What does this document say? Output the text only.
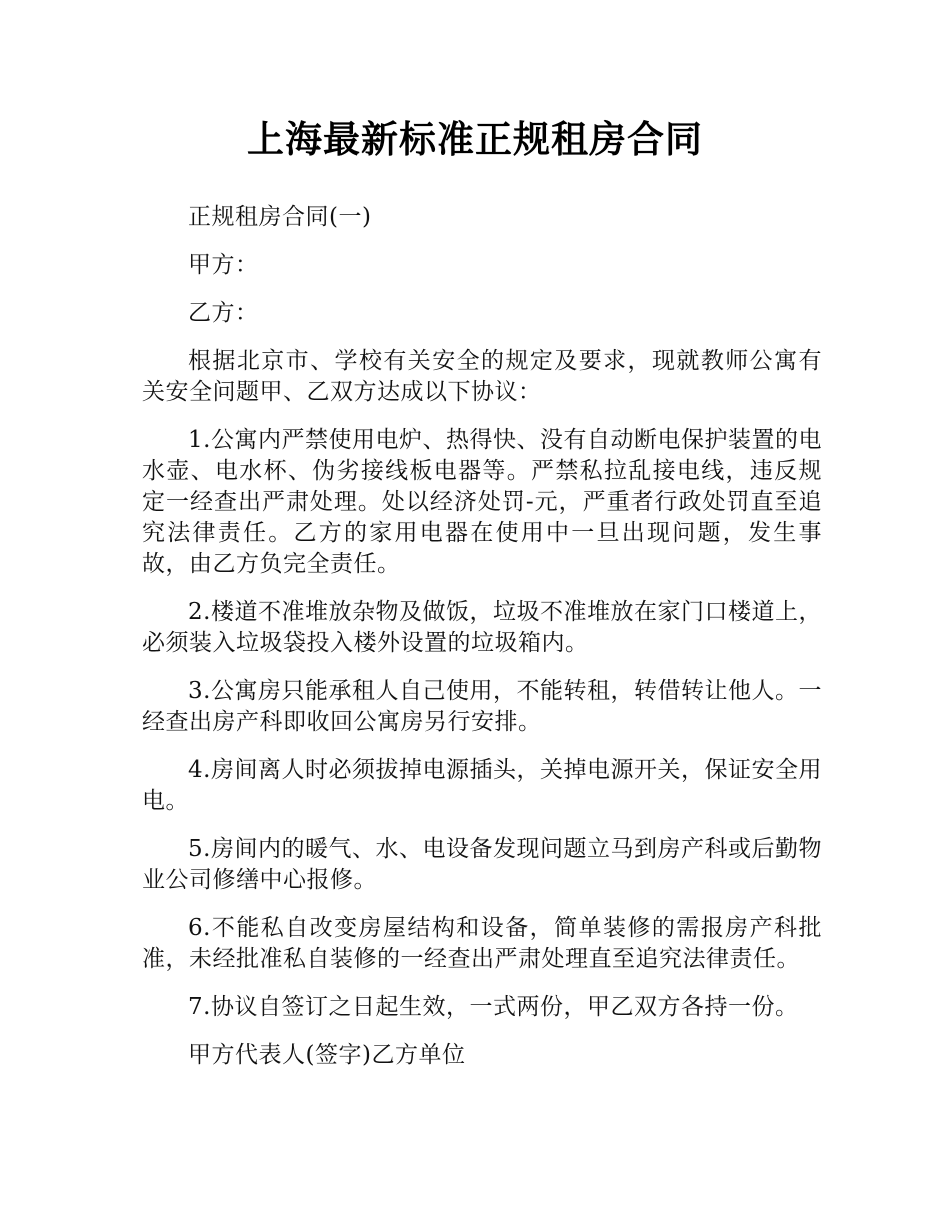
上海最新标准正规租房合同

正规租房合同(一)

甲方：

乙方：

根据北京市、学校有关安全的规定及要求，现就教师公寓有关安全问题甲、乙双方达成以下协议：

1.公寓内严禁使用电炉、热得快、没有自动断电保护装置的电水壶、电水杯、伪劣接线板电器等。严禁私拉乱接电线，违反规定一经查出严肃处理。处以经济处罚-元，严重者行政处罚直至追究法律责任。乙方的家用电器在使用中一旦出现问题，发生事故，由乙方负完全责任。

2.楼道不准堆放杂物及做饭，垃圾不准堆放在家门口楼道上，必须装入垃圾袋投入楼外设置的垃圾箱内。

3.公寓房只能承租人自己使用，不能转租，转借转让他人。一经查出房产科即收回公寓房另行安排。

4.房间离人时必须拔掉电源插头，关掉电源开关，保证安全用电。

5.房间内的暖气、水、电设备发现问题立马到房产科或后勤物业公司修缮中心报修。

6.不能私自改变房屋结构和设备，简单装修的需报房产科批准，未经批准私自装修的一经查出严肃处理直至追究法律责任。

7.协议自签订之日起生效，一式两份，甲乙双方各持一份。

甲方代表人(签字)乙方单位
